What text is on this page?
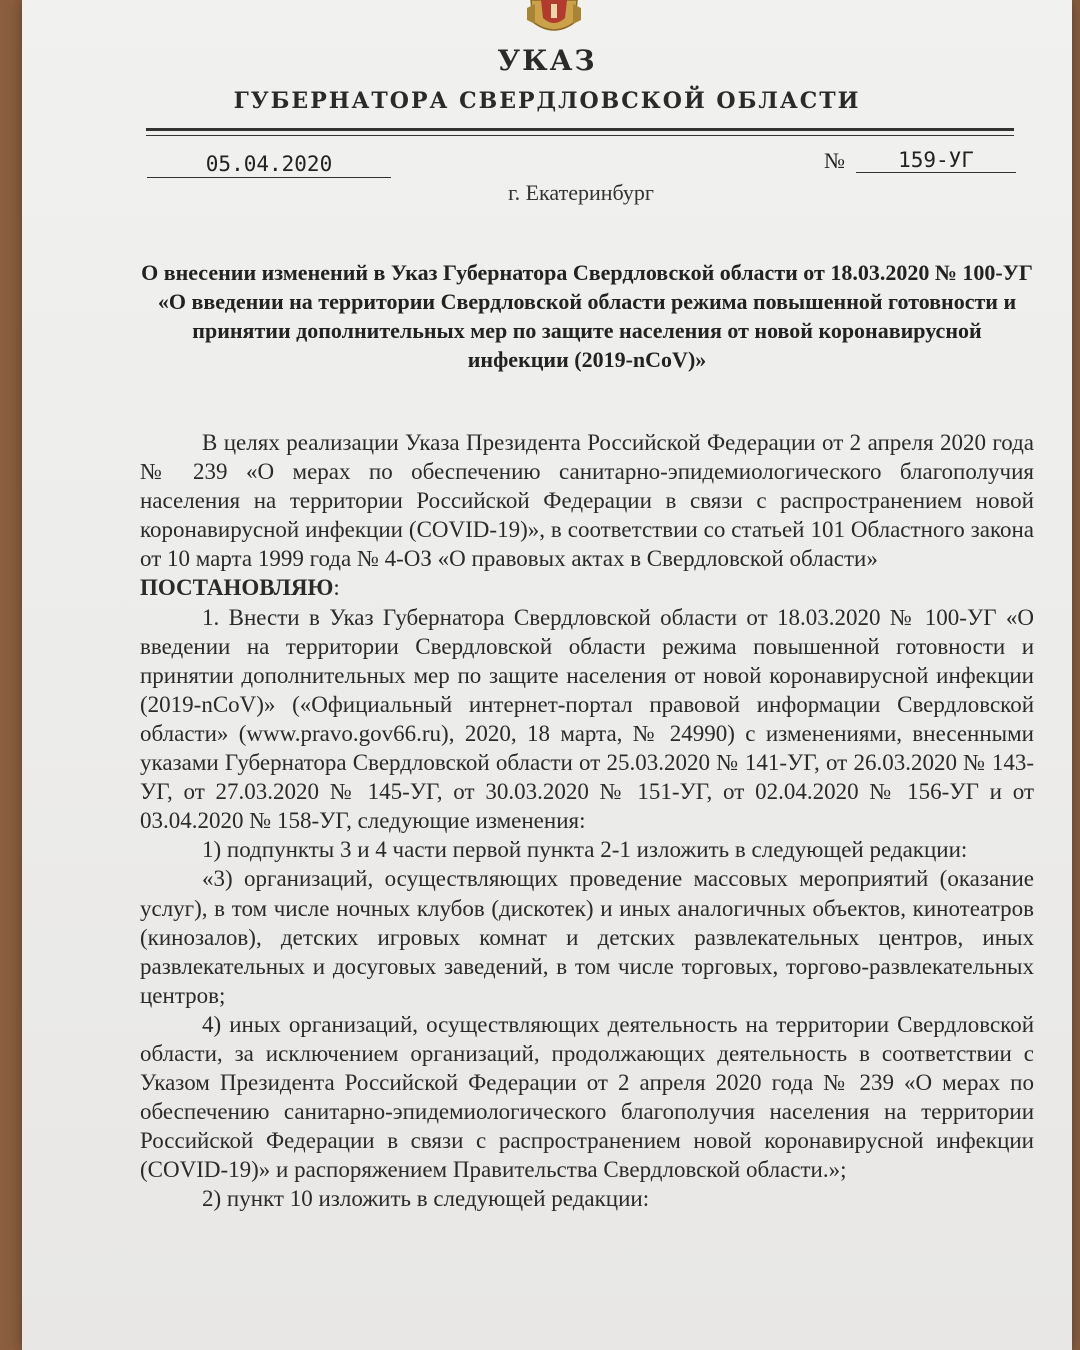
УКАЗ
ГУБЕРНАТОРА СВЕРДЛОВСКОЙ ОБЛАСТИ
05.04.2020	№	159-УГ
г. Екатеринбург
О внесении изменений в Указ Губернатора Свердловской области от 18.03.2020 № 100-УГ «О введении на территории Свердловской области режима повышенной готовности и принятии дополнительных мер по защите населения от новой коронавирусной инфекции (2019-nCoV)»

В целях реализации Указа Президента Российской Федерации от 2 апреля 2020 года № 239 «О мерах по обеспечению санитарно-эпидемиологического благополучия населения на территории Российской Федерации в связи с распространением новой коронавирусной инфекции (COVID-19)», в соответствии со статьей 101 Областного закона от 10 марта 1999 года № 4-ОЗ «О правовых актах в Свердловской области»

ПОСТАНОВЛЯЮ:

1. Внести в Указ Губернатора Свердловской области от 18.03.2020 № 100-УГ «О введении на территории Свердловской области режима повышенной готовности и принятии дополнительных мер по защите населения от новой коронавирусной инфекции (2019-nCoV)» («Официальный интернет-портал правовой информации Свердловской области» (www.pravo.gov66.ru), 2020, 18 марта, № 24990) с изменениями, внесенными указами Губернатора Свердловской области от 25.03.2020 № 141-УГ, от 26.03.2020 № 143-УГ, от 27.03.2020 № 145-УГ, от 30.03.2020 № 151-УГ, от 02.04.2020 № 156-УГ и от 03.04.2020 № 158-УГ, следующие изменения:

1) подпункты 3 и 4 части первой пункта 2-1 изложить в следующей редакции:

«3) организаций, осуществляющих проведение массовых мероприятий (оказание услуг), в том числе ночных клубов (дискотек) и иных аналогичных объектов, кинотеатров (кинозалов), детских игровых комнат и детских развлекательных центров, иных развлекательных и досуговых заведений, в том числе торговых, торгово-развлекательных центров;

4) иных организаций, осуществляющих деятельность на территории Свердловской области, за исключением организаций, продолжающих деятельность в соответствии с Указом Президента Российской Федерации от 2 апреля 2020 года № 239 «О мерах по обеспечению санитарно-эпидемиологического благополучия населения на территории Российской Федерации в связи с распространением новой коронавирусной инфекции (COVID-19)» и распоряжением Правительства Свердловской области.»;

2) пункт 10 изложить в следующей редакции:
